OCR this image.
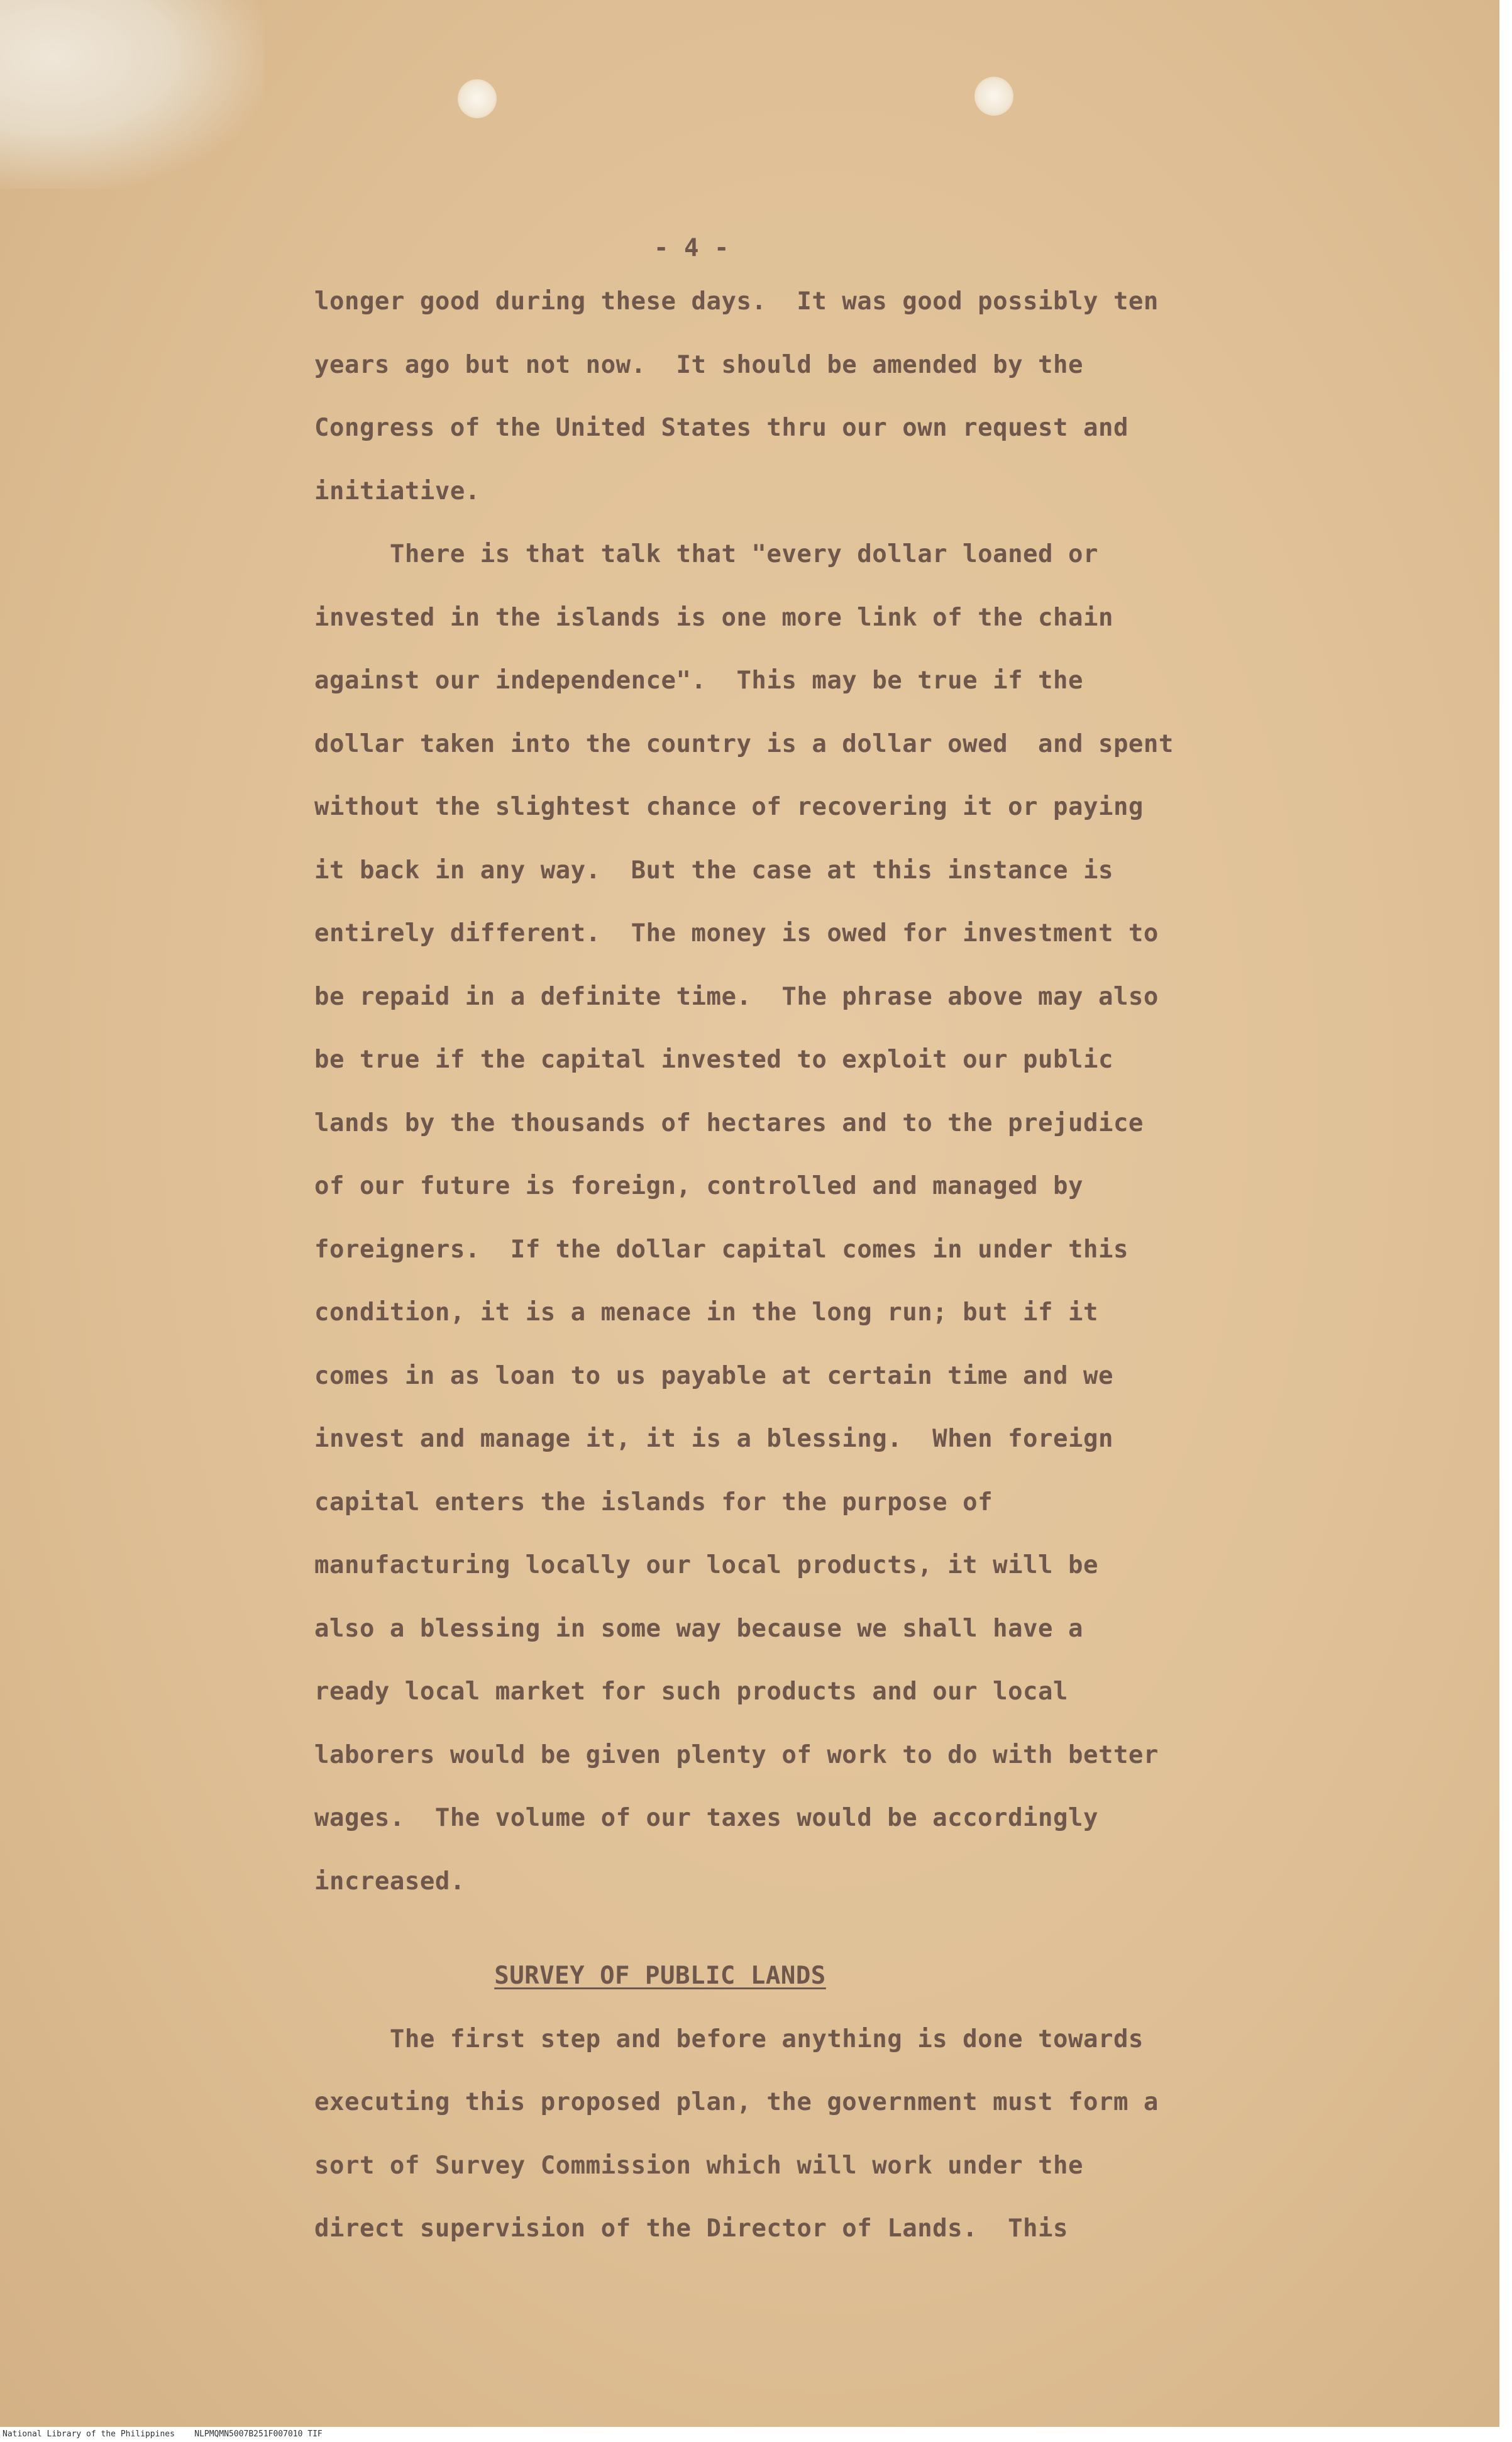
- 4 -
longer good during these days.  It was good possibly ten
years ago but not now.  It should be amended by the
Congress of the United States thru our own request and
initiative.
There is that talk that "every dollar loaned or
invested in the islands is one more link of the chain
against our independence".  This may be true if the
dollar taken into the country is a dollar owed  and spent
without the slightest chance of recovering it or paying
it back in any way.  But the case at this instance is
entirely different.  The money is owed for investment to
be repaid in a definite time.  The phrase above may also
be true if the capital invested to exploit our public
lands by the thousands of hectares and to the prejudice
of our future is foreign, controlled and managed by
foreigners.  If the dollar capital comes in under this
condition, it is a menace in the long run; but if it
comes in as loan to us payable at certain time and we
invest and manage it, it is a blessing.  When foreign
capital enters the islands for the purpose of
manufacturing locally our local products, it will be
also a blessing in some way because we shall have a
ready local market for such products and our local
laborers would be given plenty of work to do with better
wages.  The volume of our taxes would be accordingly
increased.
SURVEY OF PUBLIC LANDS
The first step and before anything is done towards
executing this proposed plan, the government must form a
sort of Survey Commission which will work under the
direct supervision of the Director of Lands.  This
National Library of the Philippines NLPMQMN5007B251F007010 TIF
